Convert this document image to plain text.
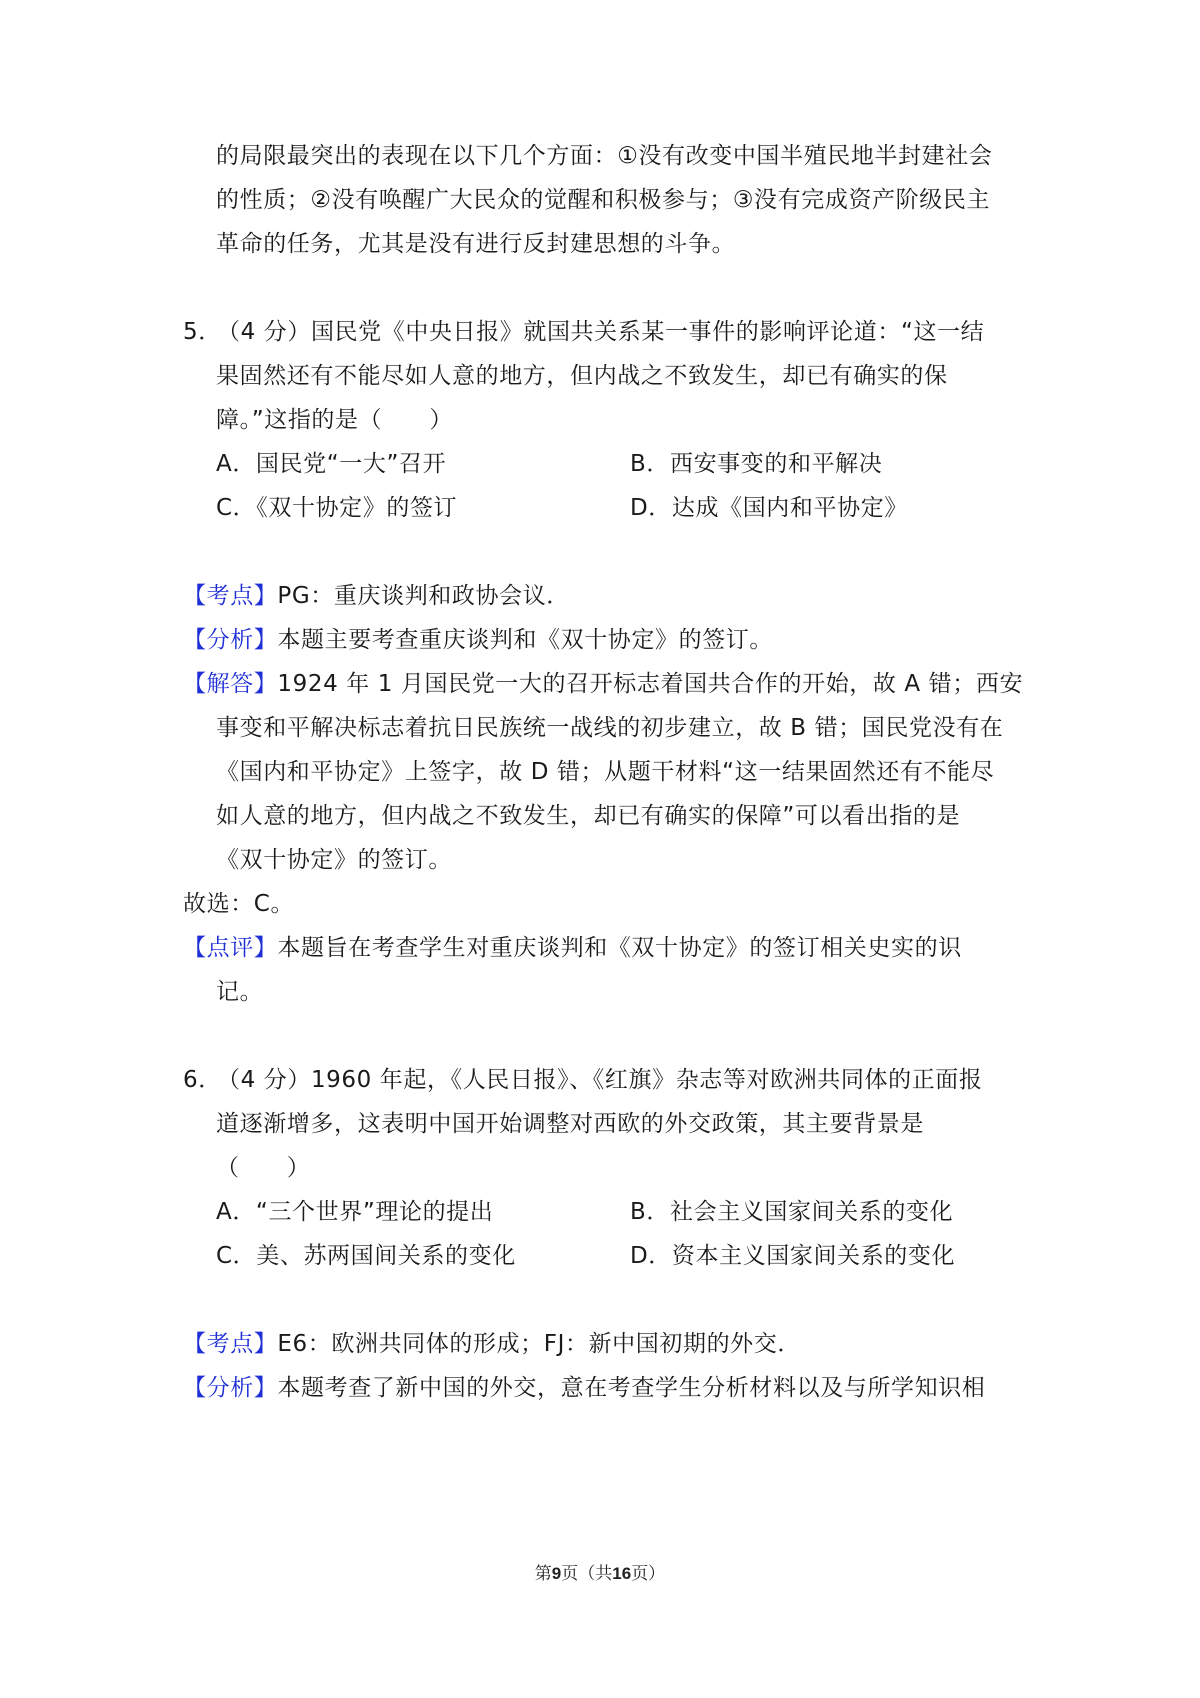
的局限最突出的表现在以下几个方面：①没有改变中国半殖民地半封建社会
的性质；②没有唤醒广大民众的觉醒和积极参与；③没有完成资产阶级民主
革命的任务，尤其是没有进行反封建思想的斗争。
5．（4 分）国民党《中央日报》就国共关系某一事件的影响评论道：“这一结
果固然还有不能尽如人意的地方，但内战之不致发生，却已有确实的保
障。”这指的是（　　）
A．国民党“一大”召开	B．西安事变的和平解决
C．《双十协定》的签订	D．达成《国内和平协定》
【考点】PG：重庆谈判和政协会议．
【分析】本题主要考查重庆谈判和《双十协定》的签订。
【解答】1924 年 1 月国民党一大的召开标志着国共合作的开始，故 A 错；西安
事变和平解决标志着抗日民族统一战线的初步建立，故 B 错；国民党没有在
《国内和平协定》上签字，故 D 错；从题干材料“这一结果固然还有不能尽
如人意的地方，但内战之不致发生，却已有确实的保障”可以看出指的是
《双十协定》的签订。
故选：C。
【点评】本题旨在考查学生对重庆谈判和《双十协定》的签订相关史实的识
记。
6．（4 分）1960 年起，《人民日报》、《红旗》杂志等对欧洲共同体的正面报
道逐渐增多，这表明中国开始调整对西欧的外交政策，其主要背景是
（　　）
A．“三个世界”理论的提出	B．社会主义国家间关系的变化
C．美、苏两国间关系的变化	D．资本主义国家间关系的变化
【考点】E6：欧洲共同体的形成；FJ：新中国初期的外交．
【分析】本题考查了新中国的外交，意在考查学生分析材料以及与所学知识相
第9页（共16页）
